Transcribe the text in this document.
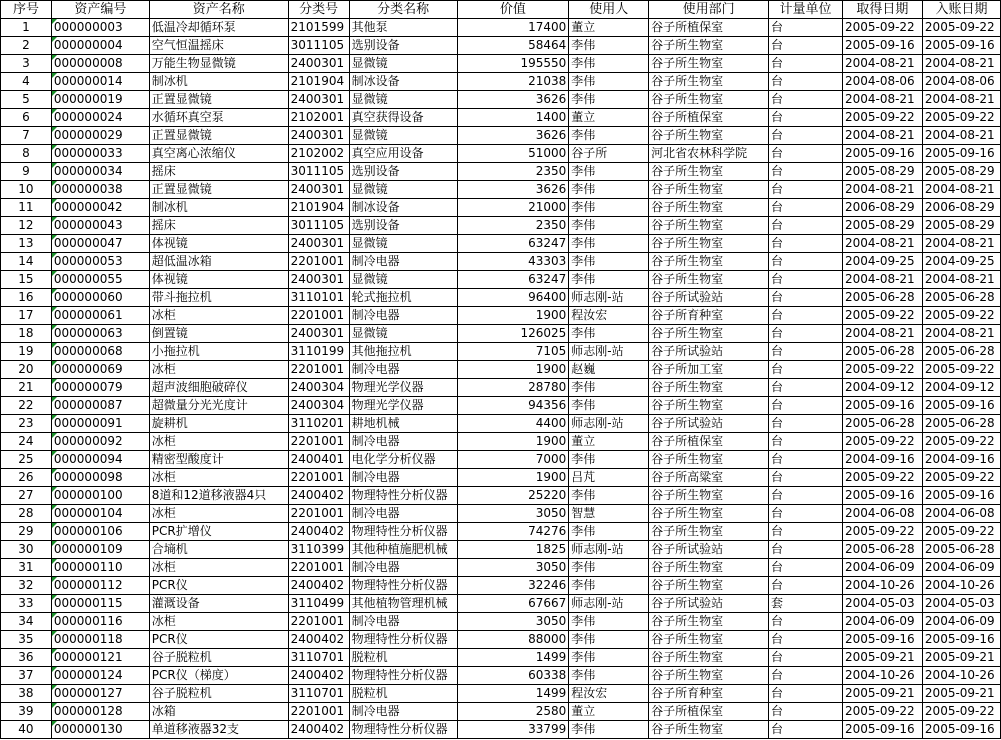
序号	资产编号	资产名称	分类号	分类名称	价值	使用人	使用部门	计量单位	取得日期	入账日期
1	000000003	低温冷却循环泵	2101599	其他泵	17400	董立	谷子所植保室	台	2005-09-22	2005-09-22
2	000000004	空气恒温摇床	3011105	选别设备	58464	李伟	谷子所生物室	台	2005-09-16	2005-09-16
3	000000008	万能生物显微镜	2400301	显微镜	195550	李伟	谷子所生物室	台	2004-08-21	2004-08-21
4	000000014	制冰机	2101904	制冰设备	21038	李伟	谷子所生物室	台	2004-08-06	2004-08-06
5	000000019	正置显微镜	2400301	显微镜	3626	李伟	谷子所生物室	台	2004-08-21	2004-08-21
6	000000024	水循环真空泵	2102001	真空获得设备	1400	董立	谷子所植保室	台	2005-09-22	2005-09-22
7	000000029	正置显微镜	2400301	显微镜	3626	李伟	谷子所生物室	台	2004-08-21	2004-08-21
8	000000033	真空离心浓缩仪	2102002	真空应用设备	51000	谷子所	河北省农林科学院	台	2005-09-16	2005-09-16
9	000000034	摇床	3011105	选别设备	2350	李伟	谷子所生物室	台	2005-08-29	2005-08-29
10	000000038	正置显微镜	2400301	显微镜	3626	李伟	谷子所生物室	台	2004-08-21	2004-08-21
11	000000042	制冰机	2101904	制冰设备	21000	李伟	谷子所生物室	台	2006-08-29	2006-08-29
12	000000043	摇床	3011105	选别设备	2350	李伟	谷子所生物室	台	2005-08-29	2005-08-29
13	000000047	体视镜	2400301	显微镜	63247	李伟	谷子所生物室	台	2004-08-21	2004-08-21
14	000000053	超低温冰箱	2201001	制冷电器	43303	李伟	谷子所生物室	台	2004-09-25	2004-09-25
15	000000055	体视镜	2400301	显微镜	63247	李伟	谷子所生物室	台	2004-08-21	2004-08-21
16	000000060	带斗拖拉机	3110101	轮式拖拉机	96400	师志刚-站	谷子所试验站	台	2005-06-28	2005-06-28
17	000000061	冰柜	2201001	制冷电器	1900	程汝宏	谷子所育种室	台	2005-09-22	2005-09-22
18	000000063	倒置镜	2400301	显微镜	126025	李伟	谷子所生物室	台	2004-08-21	2004-08-21
19	000000068	小拖拉机	3110199	其他拖拉机	7105	师志刚-站	谷子所试验站	台	2005-06-28	2005-06-28
20	000000069	冰柜	2201001	制冷电器	1900	赵巍	谷子所加工室	台	2005-09-22	2005-09-22
21	000000079	超声波细胞破碎仪	2400304	物理光学仪器	28780	李伟	谷子所生物室	台	2004-09-12	2004-09-12
22	000000087	超微量分光光度计	2400304	物理光学仪器	94356	李伟	谷子所生物室	台	2005-09-16	2005-09-16
23	000000091	旋耕机	3110201	耕地机械	4400	师志刚-站	谷子所试验站	台	2005-06-28	2005-06-28
24	000000092	冰柜	2201001	制冷电器	1900	董立	谷子所植保室	台	2005-09-22	2005-09-22
25	000000094	精密型酸度计	2400401	电化学分析仪器	7000	李伟	谷子所生物室	台	2004-09-16	2004-09-16
26	000000098	冰柜	2201001	制冷电器	1900	吕芃	谷子所高粱室	台	2005-09-22	2005-09-22
27	000000100	8道和12道移液器4只	2400402	物理特性分析仪器	25220	李伟	谷子所生物室	台	2005-09-16	2005-09-16
28	000000104	冰柜	2201001	制冷电器	3050	智慧	谷子所生物室	台	2004-06-08	2004-06-08
29	000000106	PCR扩增仪	2400402	物理特性分析仪器	74276	李伟	谷子所生物室	台	2005-09-22	2005-09-22
30	000000109	合墒机	3110399	其他种植施肥机械	1825	师志刚-站	谷子所试验站	台	2005-06-28	2005-06-28
31	000000110	冰柜	2201001	制冷电器	3050	李伟	谷子所生物室	台	2004-06-09	2004-06-09
32	000000112	PCR仪	2400402	物理特性分析仪器	32246	李伟	谷子所生物室	台	2004-10-26	2004-10-26
33	000000115	灌溉设备	3110499	其他植物管理机械	67667	师志刚-站	谷子所试验站	套	2004-05-03	2004-05-03
34	000000116	冰柜	2201001	制冷电器	3050	李伟	谷子所生物室	台	2004-06-09	2004-06-09
35	000000118	PCR仪	2400402	物理特性分析仪器	88000	李伟	谷子所生物室	台	2005-09-16	2005-09-16
36	000000121	谷子脱粒机	3110701	脱粒机	1499	李伟	谷子所生物室	台	2005-09-21	2005-09-21
37	000000124	PCR仪（梯度）	2400402	物理特性分析仪器	60338	李伟	谷子所生物室	台	2004-10-26	2004-10-26
38	000000127	谷子脱粒机	3110701	脱粒机	1499	程汝宏	谷子所育种室	台	2005-09-21	2005-09-21
39	000000128	冰箱	2201001	制冷电器	2580	董立	谷子所植保室	台	2005-09-22	2005-09-22
40	000000130	单道移液器32支	2400402	物理特性分析仪器	33799	李伟	谷子所生物室	台	2005-09-16	2005-09-16
